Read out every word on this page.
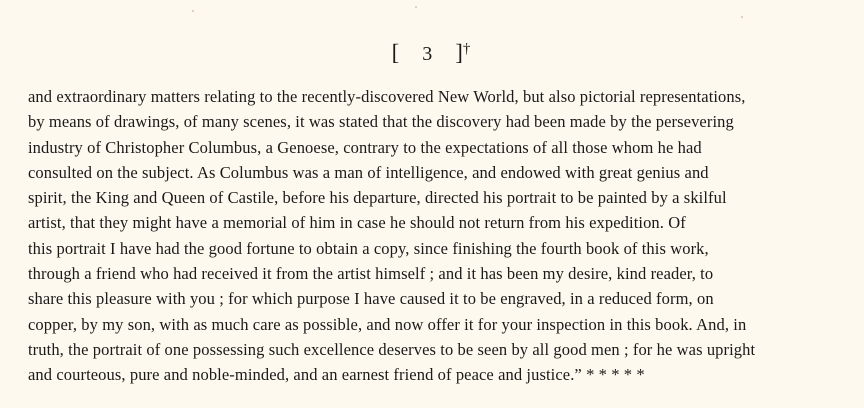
[ 3 ]†
and extraordinary matters relating to the recently-discovered New World, but also pictorial representations,
by means of drawings, of many scenes, it was stated that the discovery had been made by the persevering
industry of Christopher Columbus, a Genoese, contrary to the expectations of all those whom he had
consulted on the subject. As Columbus was a man of intelligence, and endowed with great genius and
spirit, the King and Queen of Castile, before his departure, directed his portrait to be painted by a skilful
artist, that they might have a memorial of him in case he should not return from his expedition. Of
this portrait I have had the good fortune to obtain a copy, since finishing the fourth book of this work,
through a friend who had received it from the artist himself ; and it has been my desire, kind reader, to
share this pleasure with you ; for which purpose I have caused it to be engraved, in a reduced form, on
copper, by my son, with as much care as possible, and now offer it for your inspection in this book. And, in
truth, the portrait of one possessing such excellence deserves to be seen by all good men ; for he was upright
and courteous, pure and noble-minded, and an earnest friend of peace and justice.” * * * * *
